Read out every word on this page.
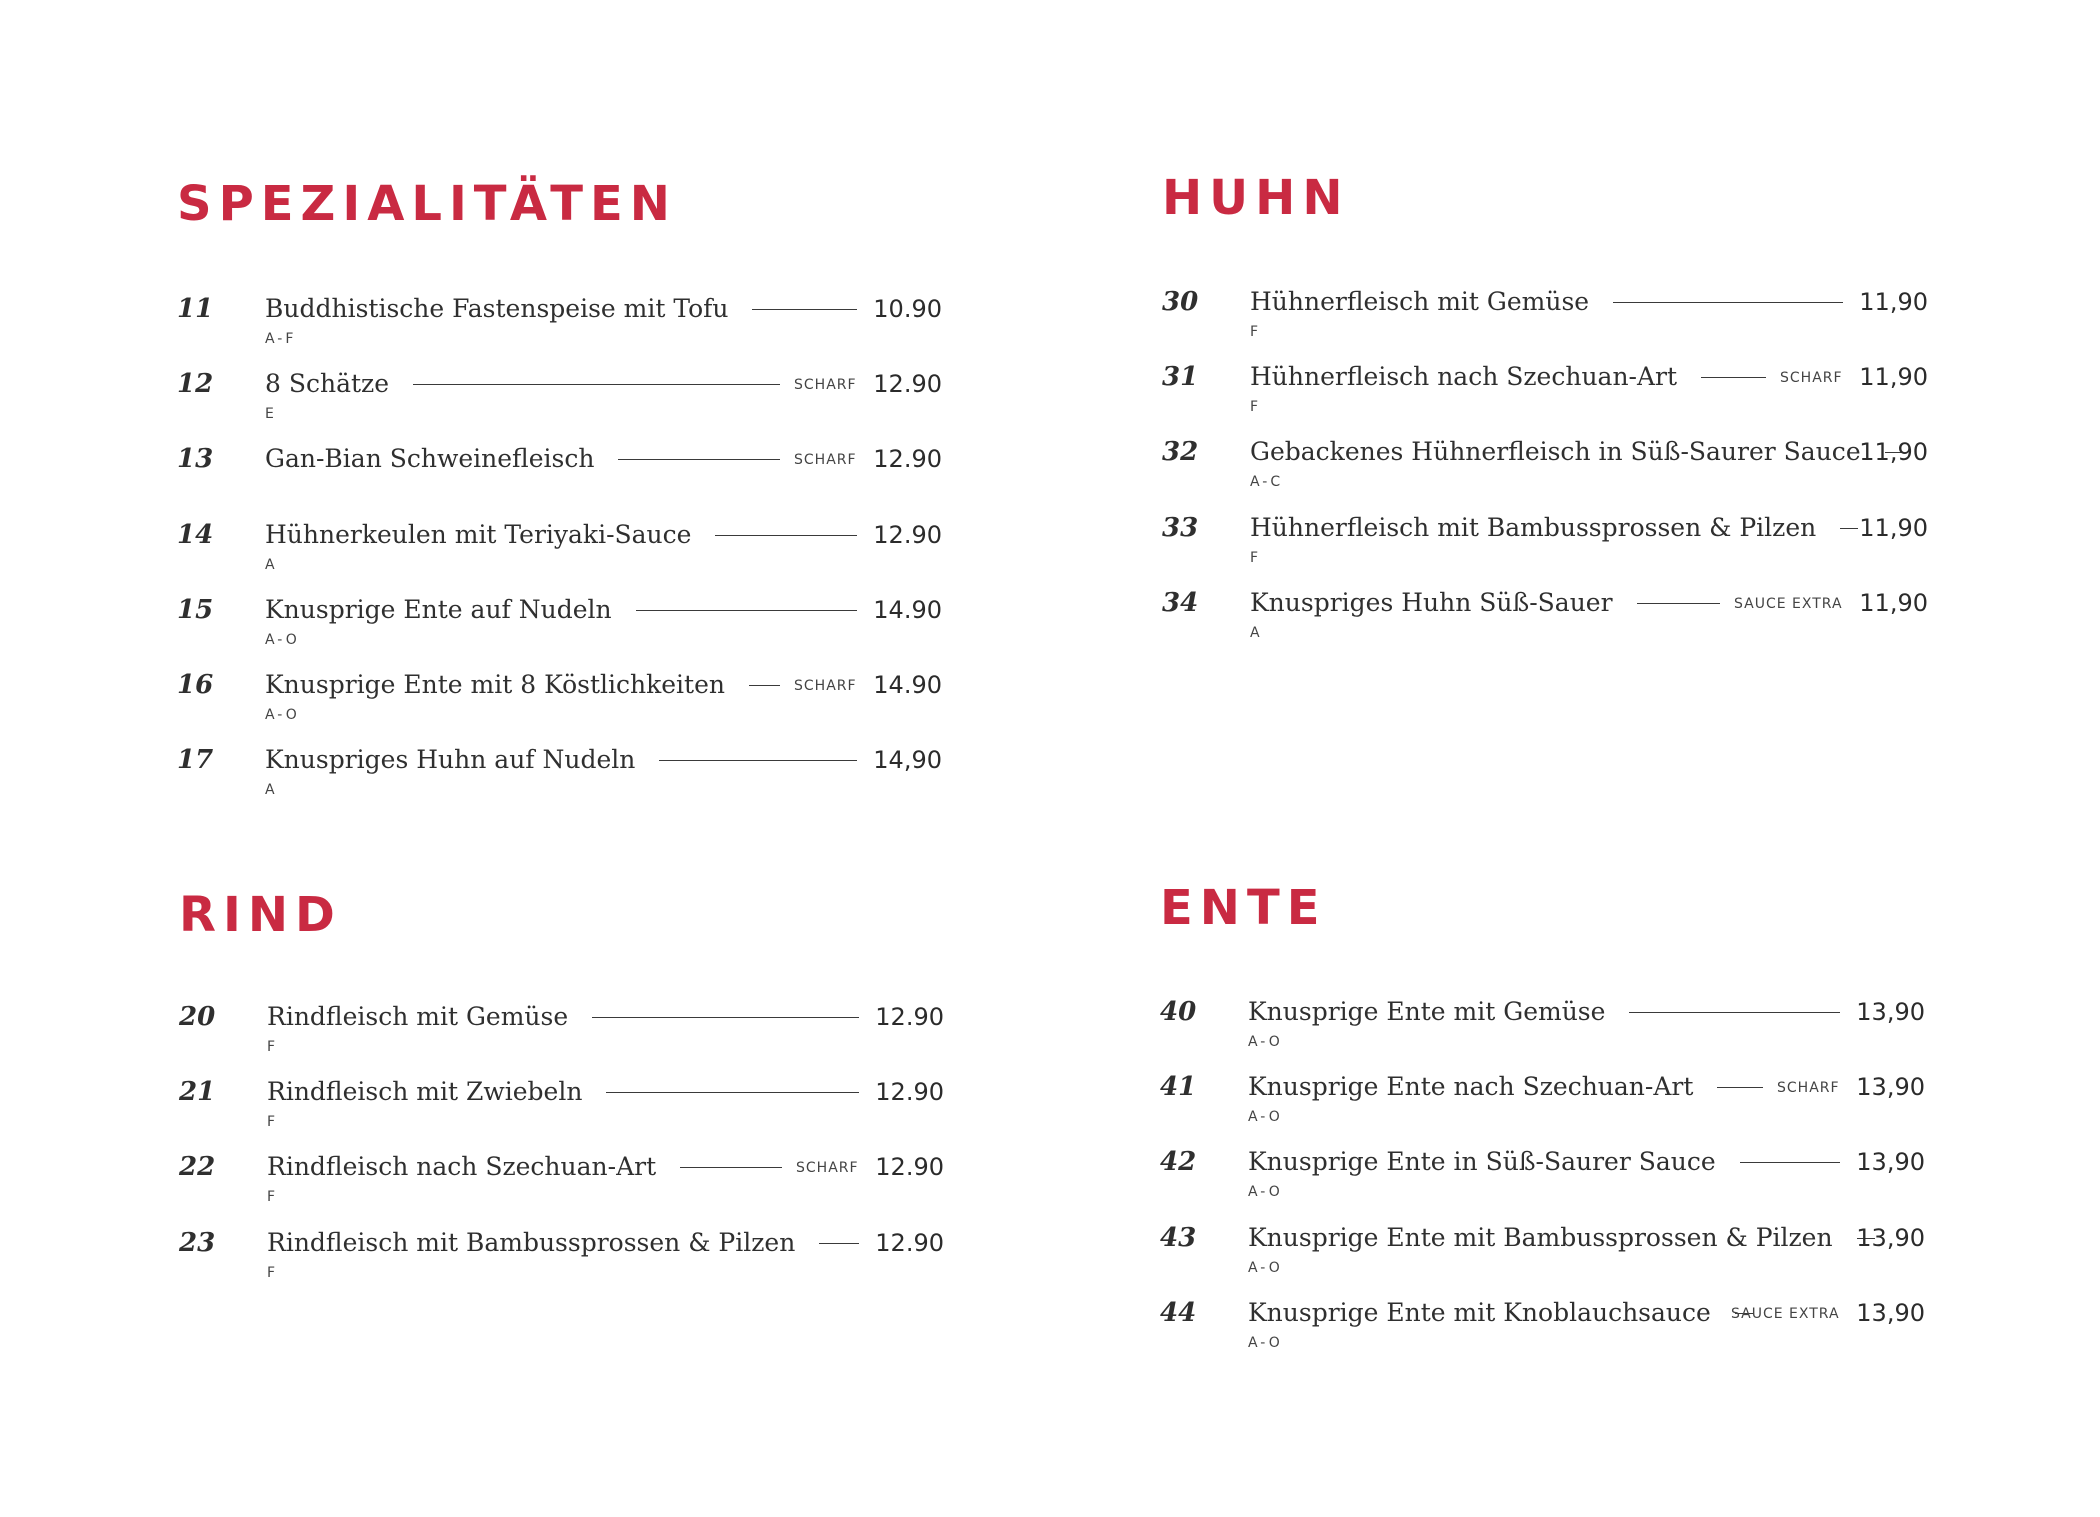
SPEZIALITÄTEN
11 Buddhistische Fastenspeise mit Tofu
A-F
10.90
12 8 Schätze
E
SCHARF 12.90
13 Gan-Bian Schweinefleisch	SCHARF 12.90
14 Hühnerkeulen mit Teriyaki-Sauce
A
12.90
15 Knusprige Ente auf Nudeln
A-O
14.90
16 Knusprige Ente mit 8 Köstlichkeiten
A-O
SCHARF 14.90
17 Knuspriges Huhn auf Nudeln
A
14,90
HUHN
30 Hühnerfleisch mit Gemüse
F
11,90
31 Hühnerfleisch nach Szechuan-Art
F
SCHARF 11,90
32 Gebackenes Hühnerfleisch in Süß-Saurer Sauce
A-C
11,90
33 Hühnerfleisch mit Bambussprossen & Pilzen
F
11,90
34 Knuspriges Huhn Süß-Sauer
A
SAUCE EXTRA 11,90
RIND
20 Rindfleisch mit Gemüse
F
12.90
21 Rindfleisch mit Zwiebeln
F
12.90
22 Rindfleisch nach Szechuan-Art
F
SCHARF 12.90
23 Rindfleisch mit Bambussprossen & Pilzen
F
12.90
ENTE
40 Knusprige Ente mit Gemüse
A-O
13,90
41 Knusprige Ente nach Szechuan-Art
A-O
SCHARF 13,90
42 Knusprige Ente in Süß-Saurer Sauce
A-O
13,90
43 Knusprige Ente mit Bambussprossen & Pilzen
A-O
13,90
44 Knusprige Ente mit Knoblauchsauce
A-O
SAUCE EXTRA 13,90
